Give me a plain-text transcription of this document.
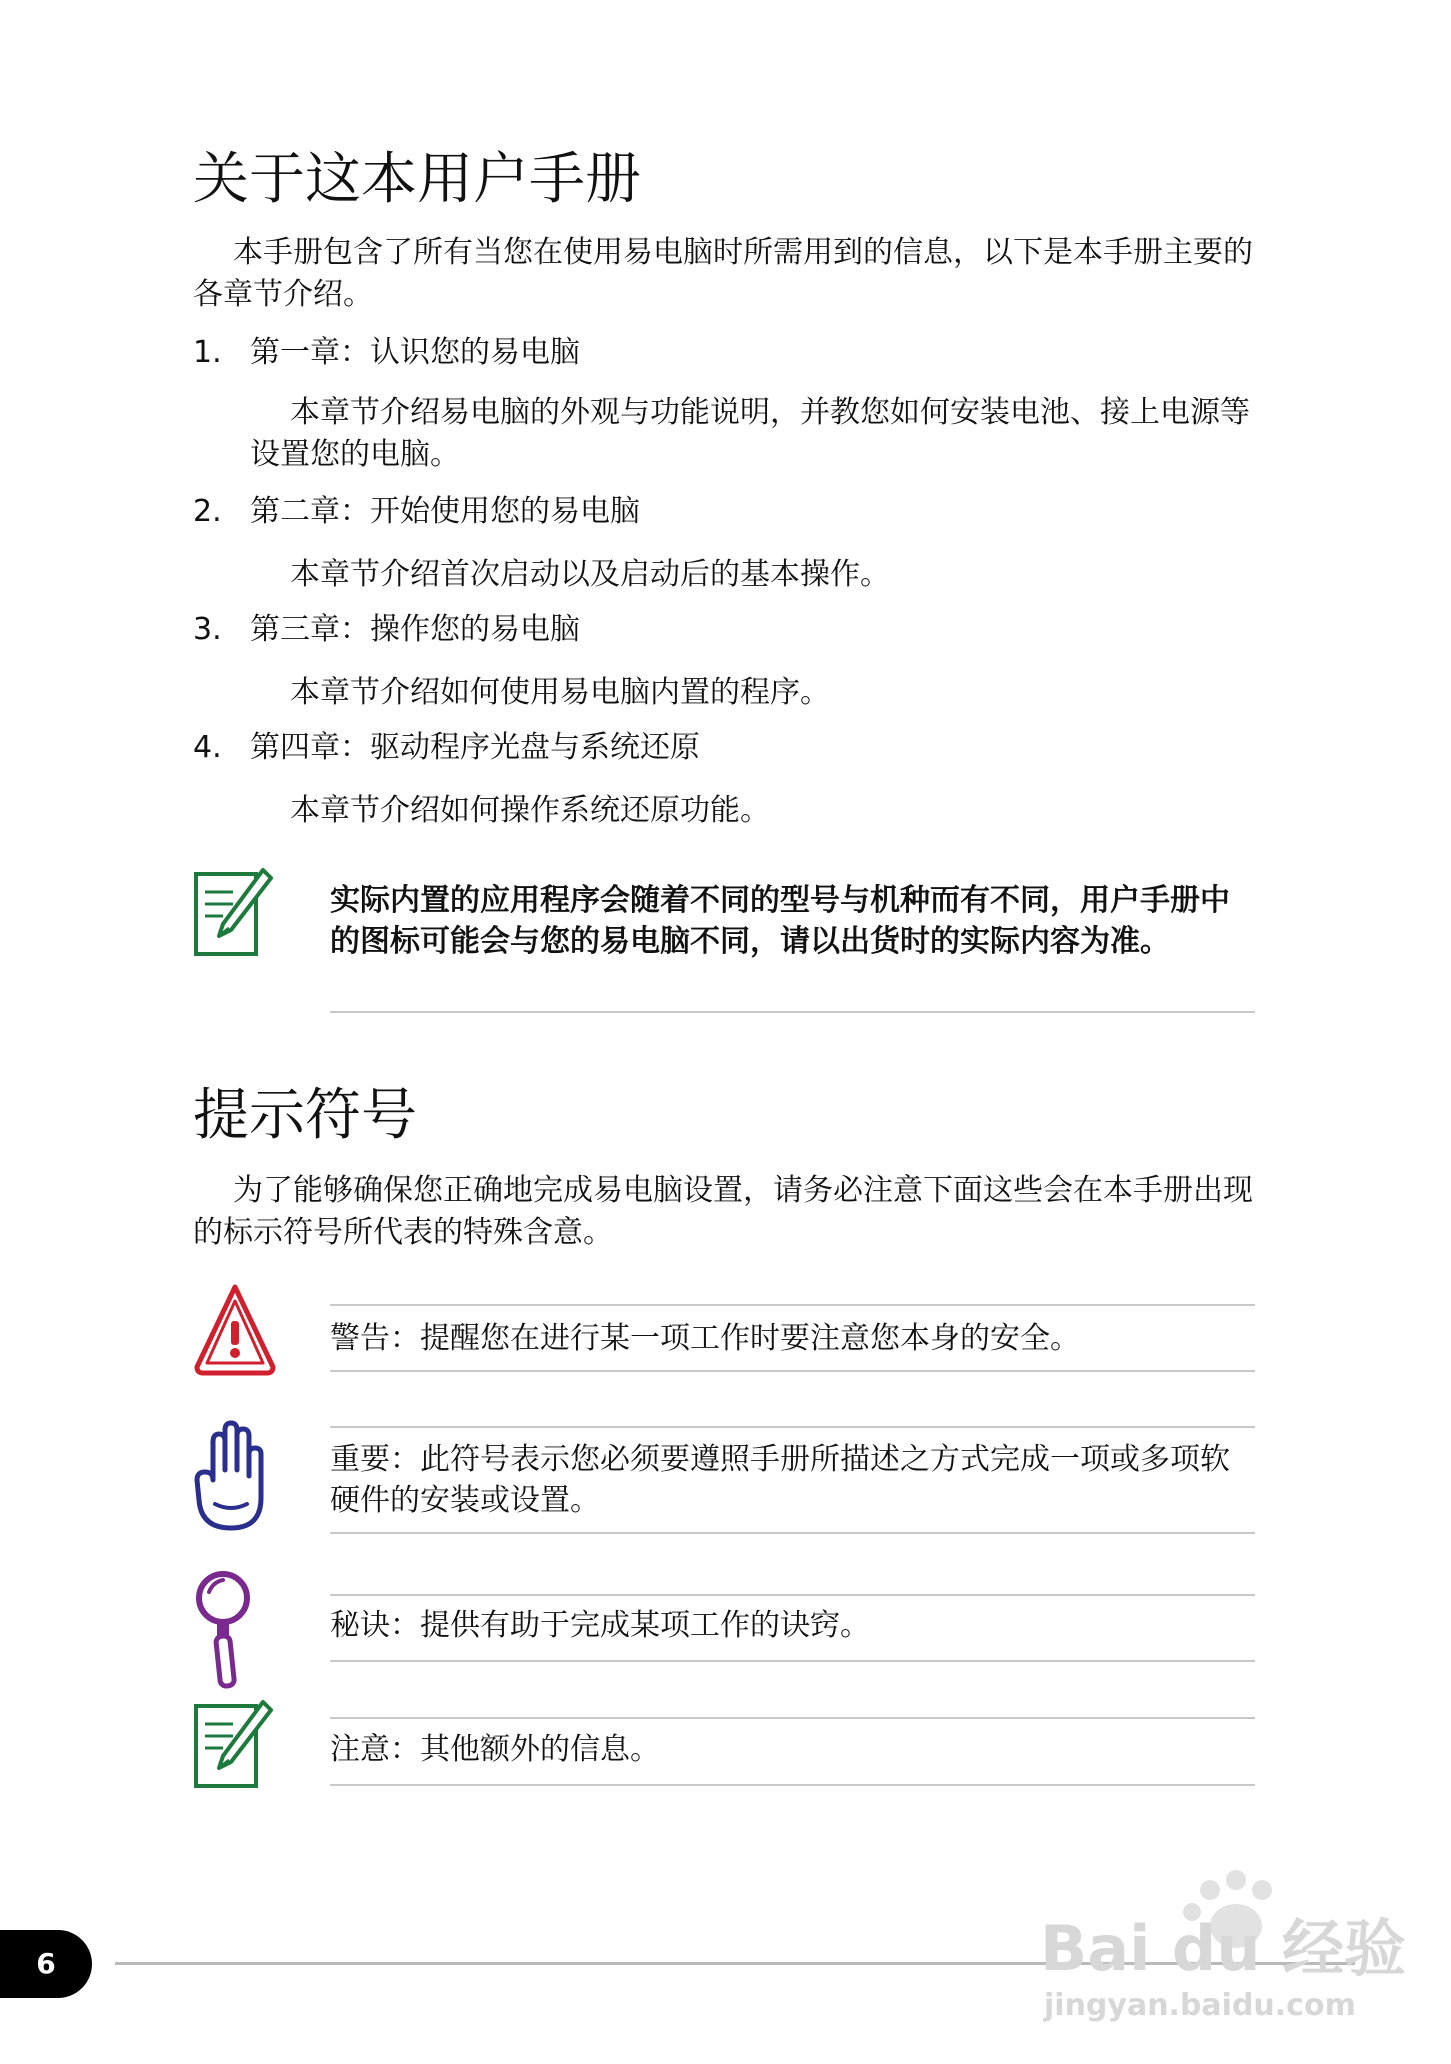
关于这本用户手册
本手册包含了所有当您在使用易电脑时所需用到的信息，以下是本手册主要的各章节介绍。
1. 第一章：认识您的易电脑
本章节介绍易电脑的外观与功能说明，并教您如何安装电池、接上电源等设置您的电脑。
2. 第二章：开始使用您的易电脑
本章节介绍首次启动以及启动后的基本操作。
3. 第三章：操作您的易电脑
本章节介绍如何使用易电脑内置的程序。
4. 第四章：驱动程序光盘与系统还原
本章节介绍如何操作系统还原功能。
实际内置的应用程序会随着不同的型号与机种而有不同，用户手册中的图标可能会与您的易电脑不同，请以出货时的实际内容为准。
提示符号
为了能够确保您正确地完成易电脑设置，请务必注意下面这些会在本手册出现的标示符号所代表的特殊含意。
警告：提醒您在进行某一项工作时要注意您本身的安全。
重要：此符号表示您必须要遵照手册所描述之方式完成一项或多项软硬件的安装或设置。
秘诀：提供有助于完成某项工作的诀窍。
注意：其他额外的信息。
6	Bai du 经验
jingyan.baidu.com
